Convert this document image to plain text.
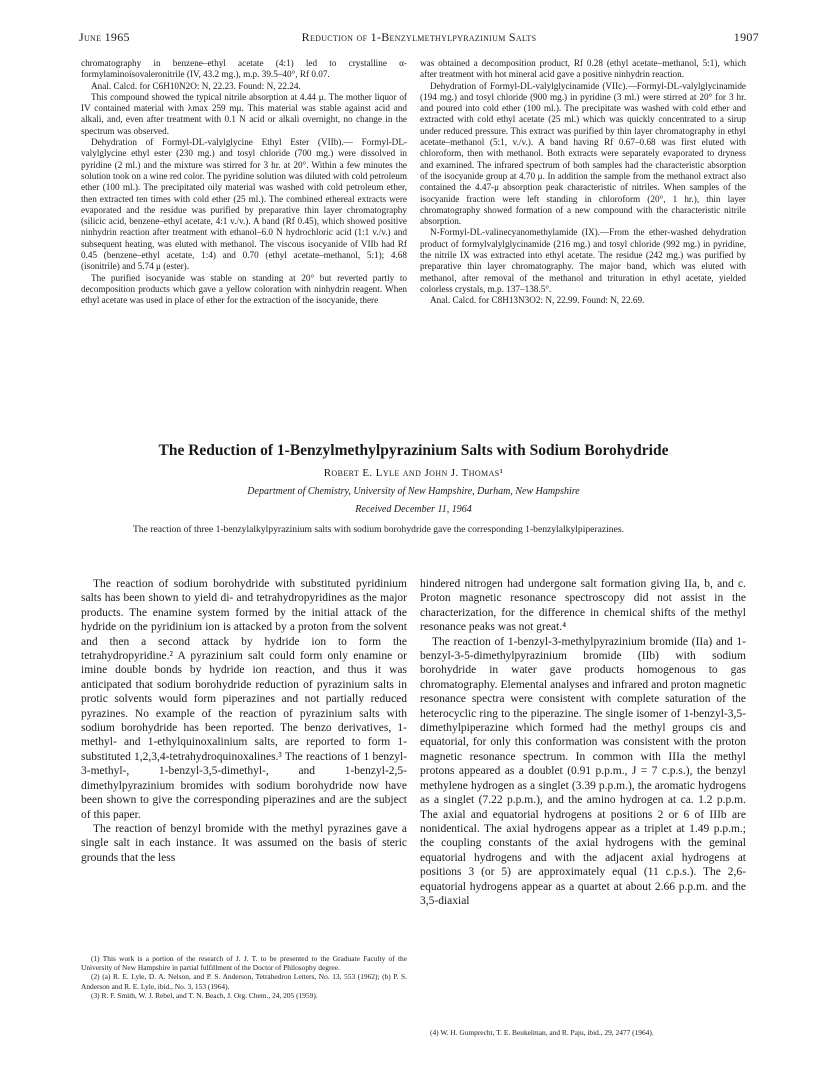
June 1965	Reduction of 1-Benzylmethylpyrazinium Salts	1907

chromatography in benzene–ethyl acetate (4:1) led to crystalline α-formylaminoisovaleronitrile (IV, 43.2 mg.), m.p. 39.5–40°, Rf 0.07.

Anal. Calcd. for C6H10N2O: N, 22.23. Found: N, 22.24.

This compound showed the typical nitrile absorption at 4.44 μ. The mother liquor of IV contained material with λmax 259 mμ. This material was stable against acid and alkali, and, even after treatment with 0.1 N acid or alkali overnight, no change in the spectrum was observed.

Dehydration of Formyl-DL-valylglycine Ethyl Ester (VIIb).— Formyl-DL-valylglycine ethyl ester (230 mg.) and tosyl chloride (700 mg.) were dissolved in pyridine (2 ml.) and the mixture was stirred for 3 hr. at 20°. Within a few minutes the solution took on a wine red color. The pyridine solution was diluted with cold petroleum ether (100 ml.). The precipitated oily material was washed with cold petroleum ether, then extracted ten times with cold ether (25 ml.). The combined ethereal extracts were evaporated and the residue was purified by preparative thin layer chromatography (silicic acid, benzene–ethyl acetate, 4:1 v./v.). A band (Rf 0.45), which showed positive ninhydrin reaction after treatment with ethanol–6.0 N hydrochloric acid (1:1 v./v.) and subsequent heating, was eluted with methanol. The viscous isocyanide of VIIb had Rf 0.45 (benzene–ethyl acetate, 1:4) and 0.70 (ethyl acetate–methanol, 5:1); 4.68 (isonitrile) and 5.74 μ (ester).

The purified isocyanide was stable on standing at 20° but reverted partly to decomposition products which gave a yellow coloration with ninhydrin reagent. When ethyl acetate was used in place of ether for the extraction of the isocyanide, there

was obtained a decomposition product, Rf 0.28 (ethyl acetate–methanol, 5:1), which after treatment with hot mineral acid gave a positive ninhydrin reaction.

Dehydration of Formyl-DL-valylglycinamide (VIIc).—Formyl-DL-valylglycinamide (194 mg.) and tosyl chloride (900 mg.) in pyridine (3 ml.) were stirred at 20° for 3 hr. and poured into cold ether (100 ml.). The precipitate was washed with cold ether and extracted with cold ethyl acetate (25 ml.) which was quickly concentrated to a sirup under reduced pressure. This extract was purified by thin layer chromatography in ethyl acetate–methanol (5:1, v./v.). A band having Rf 0.67–0.68 was first eluted with chloroform, then with methanol. Both extracts were separately evaporated to dryness and examined. The infrared spectrum of both samples had the characteristic absorption of the isocyanide group at 4.70 μ. In addition the sample from the methanol extract also contained the 4.47-μ absorption peak characteristic of nitriles. When samples of the isocyanide fraction were left standing in chloroform (20°, 1 hr.), thin layer chromatography showed formation of a new compound with the characteristic nitrile absorption.

N-Formyl-DL-valinecyanomethylamide (IX).—From the ether-washed dehydration product of formylvalylglycinamide (216 mg.) and tosyl chloride (992 mg.) in pyridine, the nitrile IX was extracted into ethyl acetate. The residue (242 mg.) was purified by preparative thin layer chromatography. The major band, which was eluted with methanol, after removal of the methanol and trituration in ethyl acetate, yielded colorless crystals, m.p. 137–138.5°.

Anal. Calcd. for C8H13N3O2: N, 22.99. Found: N, 22.69.

The Reduction of 1-Benzylmethylpyrazinium Salts with Sodium Borohydride
Robert E. Lyle and John J. Thomas¹
Department of Chemistry, University of New Hampshire, Durham, New Hampshire
Received December 11, 1964
The reaction of three 1-benzylalkylpyrazinium salts with sodium borohydride gave the corresponding 1-benzylalkylpiperazines.

The reaction of sodium borohydride with substituted pyridinium salts has been shown to yield di- and tetrahydropyridines as the major products. The enamine system formed by the initial attack of the hydride on the pyridinium ion is attacked by a proton from the solvent and then a second attack by hydride ion to form the tetrahydropyridine.² A pyrazinium salt could form only enamine or imine double bonds by hydride ion reaction, and thus it was anticipated that sodium borohydride reduction of pyrazinium salts in protic solvents would form piperazines and not partially reduced pyrazines. No example of the reaction of pyrazinium salts with sodium borohydride has been reported. The benzo derivatives, 1-methyl- and 1-ethylquinoxalinium salts, are reported to form 1-substituted 1,2,3,4-tetrahydroquinoxalines.³ The reactions of 1 benzyl-3-methyl-, 1-benzyl-3,5-dimethyl-, and 1-benzyl-2,5-dimethylpyrazinium bromides with sodium borohydride now have been shown to give the corresponding piperazines and are the subject of this paper.

The reaction of benzyl bromide with the methyl pyrazines gave a single salt in each instance. It was assumed on the basis of steric grounds that the less

hindered nitrogen had undergone salt formation giving IIa, b, and c. Proton magnetic resonance spectroscopy did not assist in the characterization, for the difference in chemical shifts of the methyl resonance peaks was not great.⁴

The reaction of 1-benzyl-3-methylpyrazinium bromide (IIa) and 1-benzyl-3-5-dimethylpyrazinium bromide (IIb) with sodium borohydride in water gave products homogenous to gas chromatography. Elemental analyses and infrared and proton magnetic resonance spectra were consistent with complete saturation of the heterocyclic ring to the piperazine. The single isomer of 1-benzyl-3,5-dimethylpiperazine which formed had the methyl groups cis and equatorial, for only this conformation was consistent with the proton magnetic resonance spectrum. In common with IIIa the methyl protons appeared as a doublet (0.91 p.p.m., J = 7 c.p.s.), the benzyl methylene hydrogen as a singlet (3.39 p.p.m.), the aromatic hydrogens as a singlet (7.22 p.p.m.), and the amino hydrogen at ca. 1.2 p.p.m. The axial and equatorial hydrogens at positions 2 or 6 of IIIb are nonidentical. The axial hydrogens appear as a triplet at 1.49 p.p.m.; the coupling constants of the axial hydrogens with the geminal equatorial hydrogens and with the adjacent axial hydrogens at positions 3 (or 5) are approximately equal (11 c.p.s.). The 2,6-equatorial hydrogens appear as a quartet at about 2.66 p.p.m. and the 3,5-diaxial

(1) This work is a portion of the research of J. J. T. to be presented to the Graduate Faculty of the University of New Hampshire in partial fulfillment of the Doctor of Philosophy degree.

(2) (a) R. E. Lyle, D. A. Nelson, and P. S. Anderson, Tetrahedron Letters, No. 13, 553 (1962); (b) P. S. Anderson and R. E. Lyle, ibid., No. 3, 153 (1964).

(3) R. F. Smith, W. J. Rebel, and T. N. Beach, J. Org. Chem., 24, 205 (1959).

(4) W. H. Gumprecht, T. E. Beukelman, and R. Paju, ibid., 29, 2477 (1964).
